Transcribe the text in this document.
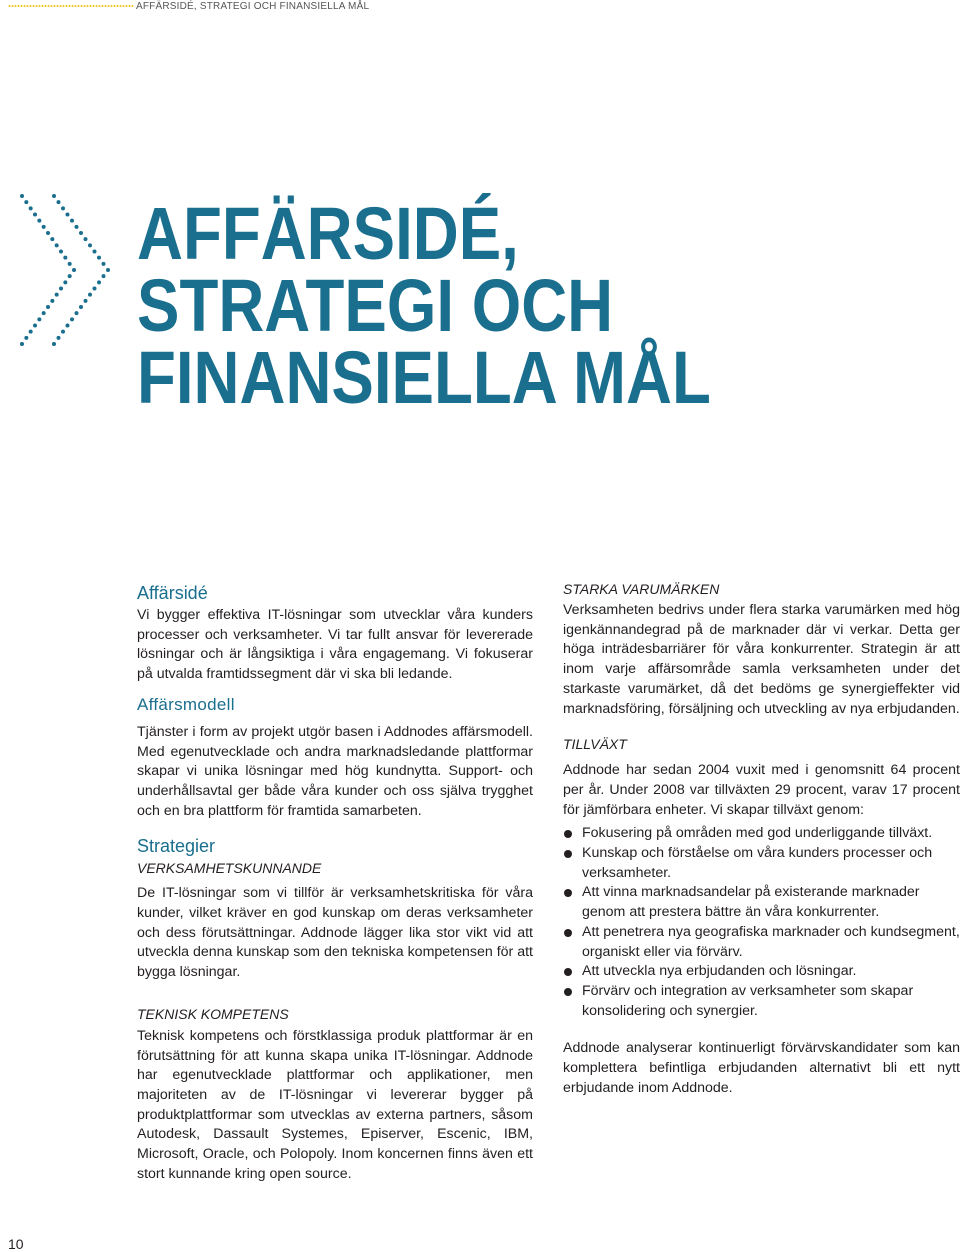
AFFÄRSIDÉ, STRATEGI OCH FINANSIELLA MÅL
AFFÄRSIDÉ,
STRATEGI OCH
FINANSIELLA MÅL
Affärsidé

Vi bygger effektiva IT-lösningar som utvecklar våra kunders processer och verksamheter. Vi tar fullt ansvar för levererade lösningar och är långsiktiga i våra engagemang. Vi fokuserar på utvalda framtidssegment där vi ska bli ledande.

Affärsmodell

Tjänster i form av projekt utgör basen i Addnodes affärsmodell. Med egenutvecklade och andra marknadsledande plattformar skapar vi unika lösningar med hög kundnytta. Support- och underhållsavtal ger både våra kunder och oss själva trygghet och en bra plattform för framtida samarbeten.

Strategier
VERKSAMHETSKUNNANDE

De IT-lösningar som vi tillför är verksamhetskritiska för våra kunder, vilket kräver en god kunskap om deras verksamheter och dess förutsättningar. Addnode lägger lika stor vikt vid att utveckla denna kunskap som den tekniska kompetensen för att bygga lösningar.

TEKNISK KOMPETENS

Teknisk kompetens och förstklassiga produk plattformar är en förutsättning för att kunna skapa unika IT-lösningar. Addnode har egenutvecklade plattformar och applikationer, men majoriteten av de IT-lösningar vi levererar bygger på produktplattformar som utvecklas av externa partners, såsom Autodesk, Dassault Systemes, Episerver, Escenic, IBM, Microsoft, Oracle, och Polopoly. Inom koncernen finns även ett stort kunnande kring open source.

STARKA VARUMÄRKEN

Verksamheten bedrivs under flera starka varumärken med hög igenkännandegrad på de marknader där vi verkar. Detta ger höga inträdesbarriärer för våra konkurrenter. Strategin är att inom varje affärsområde samla verksamheten under det starkaste varumärket, då det bedöms ge synergieffekter vid marknadsföring, försäljning och utveckling av nya erbjudanden.

TILLVÄXT

Addnode har sedan 2004 vuxit med i genomsnitt 64 procent per år. Under 2008 var tillväxten 29 procent, varav 17 procent för jämförbara enheter. Vi skapar tillväxt genom:

Fokusering på områden med god underliggande tillväxt.
Kunskap och förståelse om våra kunders processer och verksamheter.
Att vinna marknadsandelar på existerande marknader genom att prestera bättre än våra konkurrenter.
Att penetrera nya geografiska marknader och kundsegment, organiskt eller via förvärv.
Att utveckla nya erbjudanden och lösningar.
Förvärv och integration av verksamheter som skapar konsolidering och synergier.

Addnode analyserar kontinuerligt förvärvskandidater som kan komplettera befintliga erbjudanden alternativt bli ett nytt erbjudande inom Addnode.

10
